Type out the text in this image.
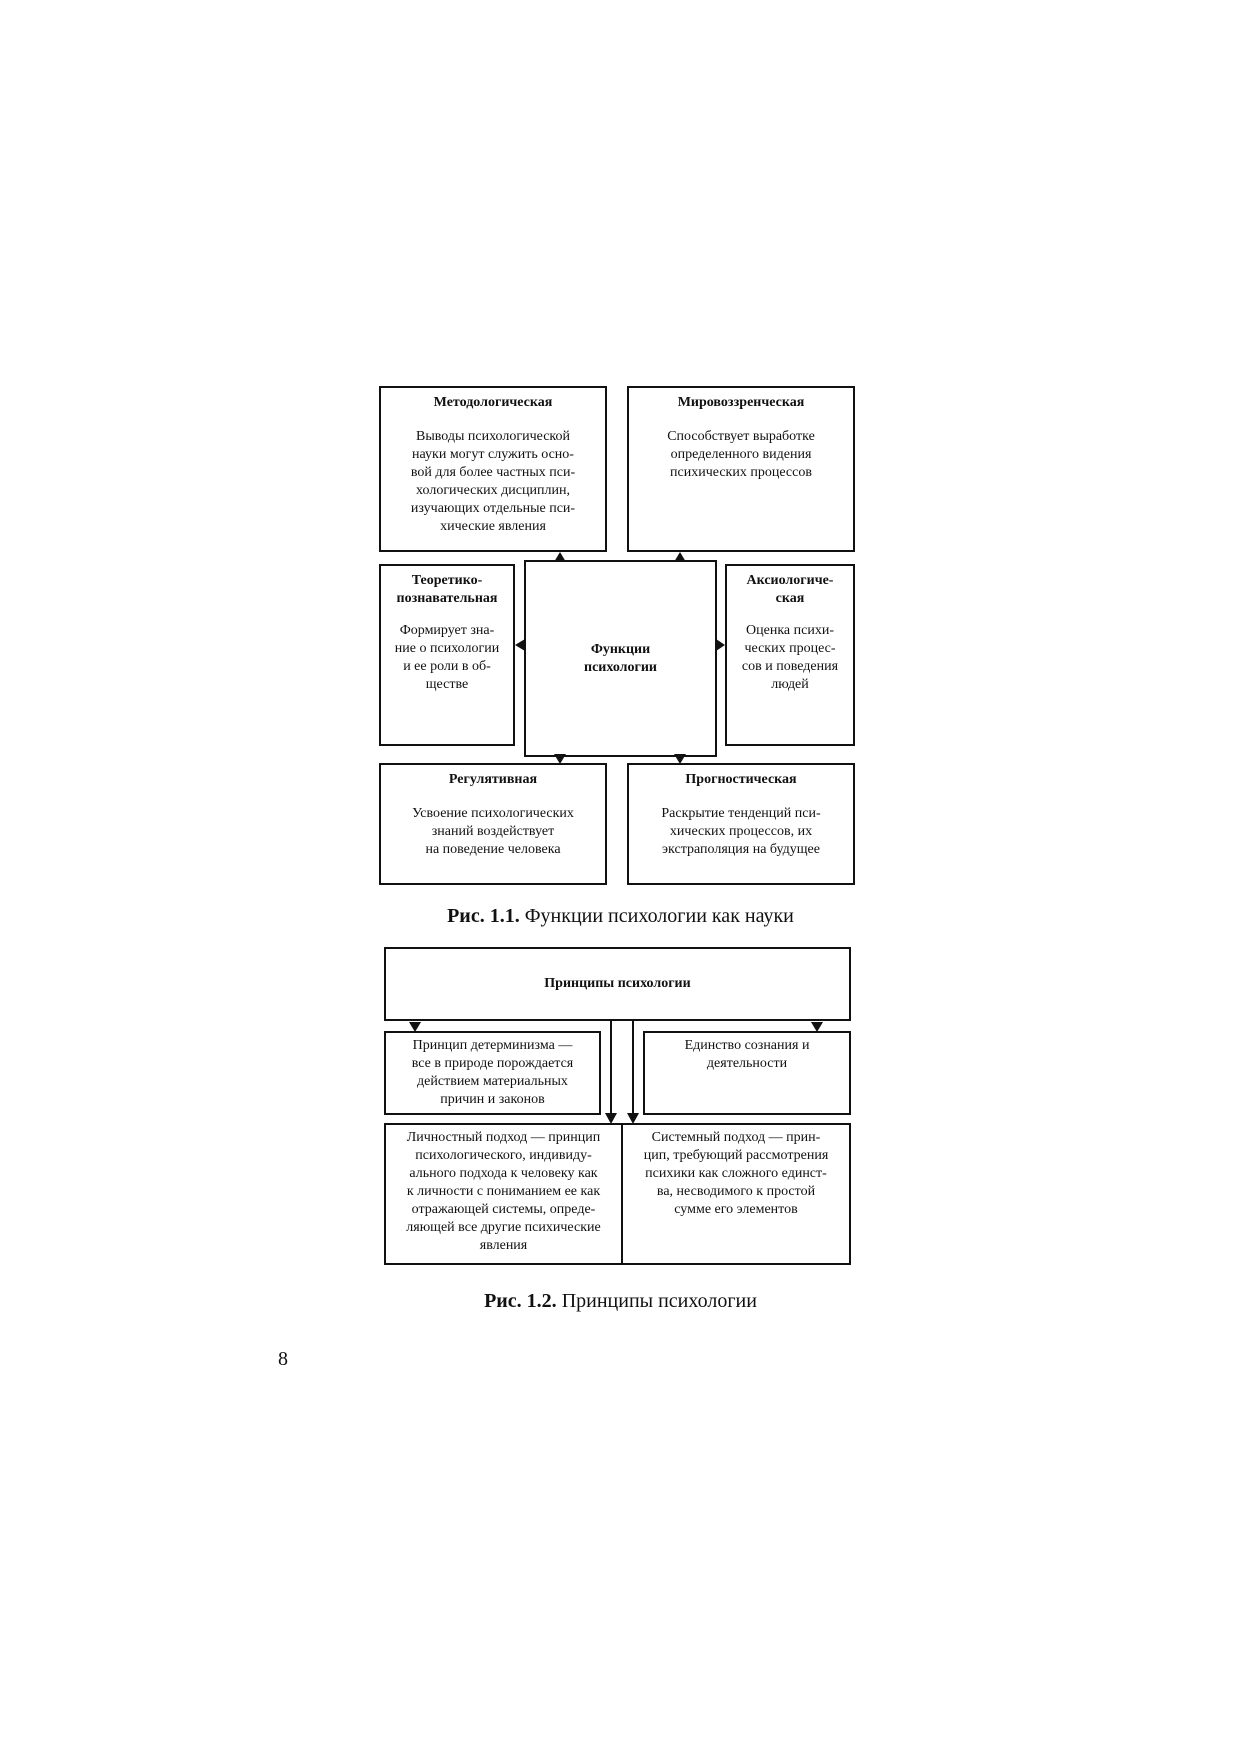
Методологическая
Выводы психологической
науки могут служить осно-
вой для более частных пси-
хологических дисциплин,
изучающих отдельные пси-
хические явления
Мировоззренческая
Способствует выработке
определенного видения
психических процессов
Теоретико-
познавательная
Формирует зна-
ние о психологии
и ее роли в об-
ществе
Функции
психологии
Аксиологиче-
ская
Оценка психи-
ческих процес-
сов и поведения
людей
Регулятивная
Усвоение психологических
знаний воздействует
на поведение человека
Прогностическая
Раскрытие тенденций пси-
хических процессов, их
экстраполяция на будущее
Рис. 1.1. Функции психологии как науки
Принципы психологии
Принцип детерминизма —
все в природе порождается
действием материальных
причин и законов
Единство сознания и
деятельности
Личностный подход — принцип
психологического, индивиду-
ального подхода к человеку как
к личности с пониманием ее как
отражающей системы, опреде-
ляющей все другие психические
явления
Системный подход — прин-
цип, требующий рассмотрения
психики как сложного единст-
ва, несводимого к простой
сумме его элементов
Рис. 1.2. Принципы психологии
8
